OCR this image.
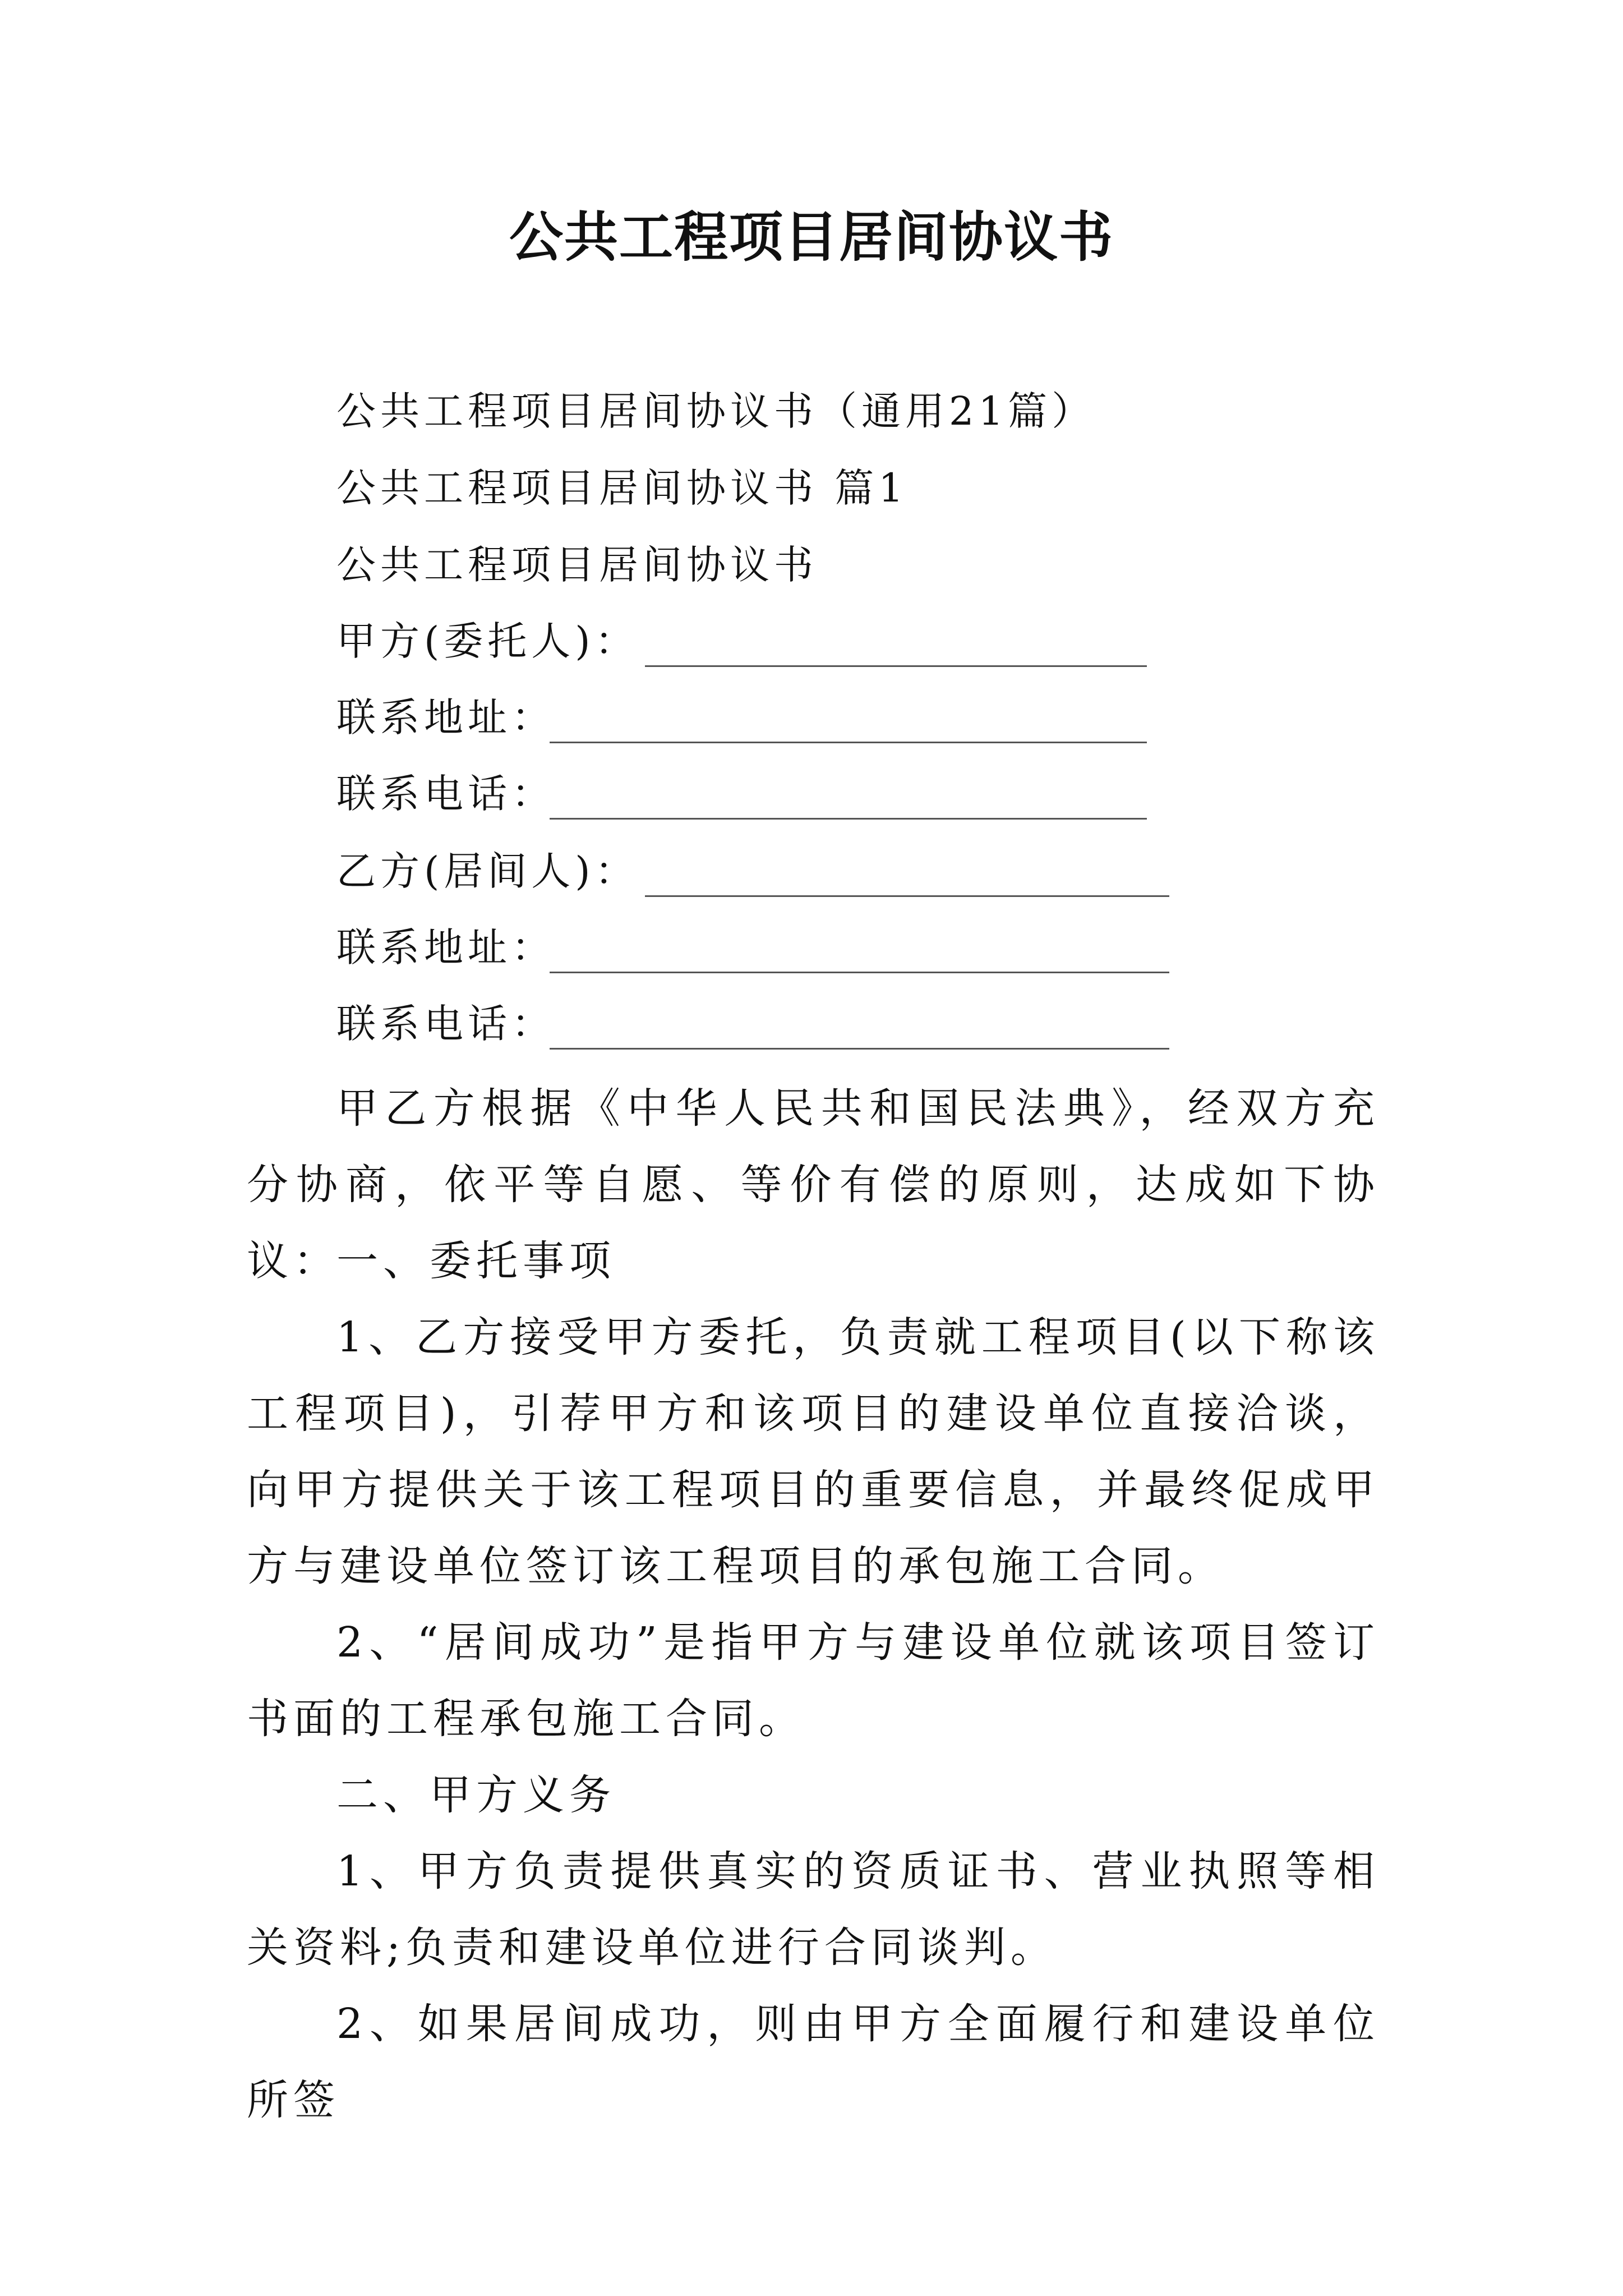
公共工程项目居间协议书
公共工程项目居间协议书（通用21篇）
公共工程项目居间协议书 篇1
公共工程项目居间协议书
甲方(委托人)：
联系地址：
联系电话：
乙方(居间人)：
联系地址：
联系电话：
甲乙方根据《中华人民共和国民法典》，经双方充分协商，依平等自愿、等价有偿的原则，达成如下协议：
一、委托事项
1、乙方接受甲方委托，负责就工程项目(以下称该工程项目)，引荐甲方和该项目的建设单位直接洽谈，向甲方提供关于该工程项目的重要信息，并最终促成甲方与建设单位签订该工程项目的承包施工合同。
2、“居间成功”是指甲方与建设单位就该项目签订书面的工程承包施工合同。
二、甲方义务
1、甲方负责提供真实的资质证书、营业执照等相关资料;负责和建设单位进行合同谈判。
2、如果居间成功，则由甲方全面履行和建设单位所签
